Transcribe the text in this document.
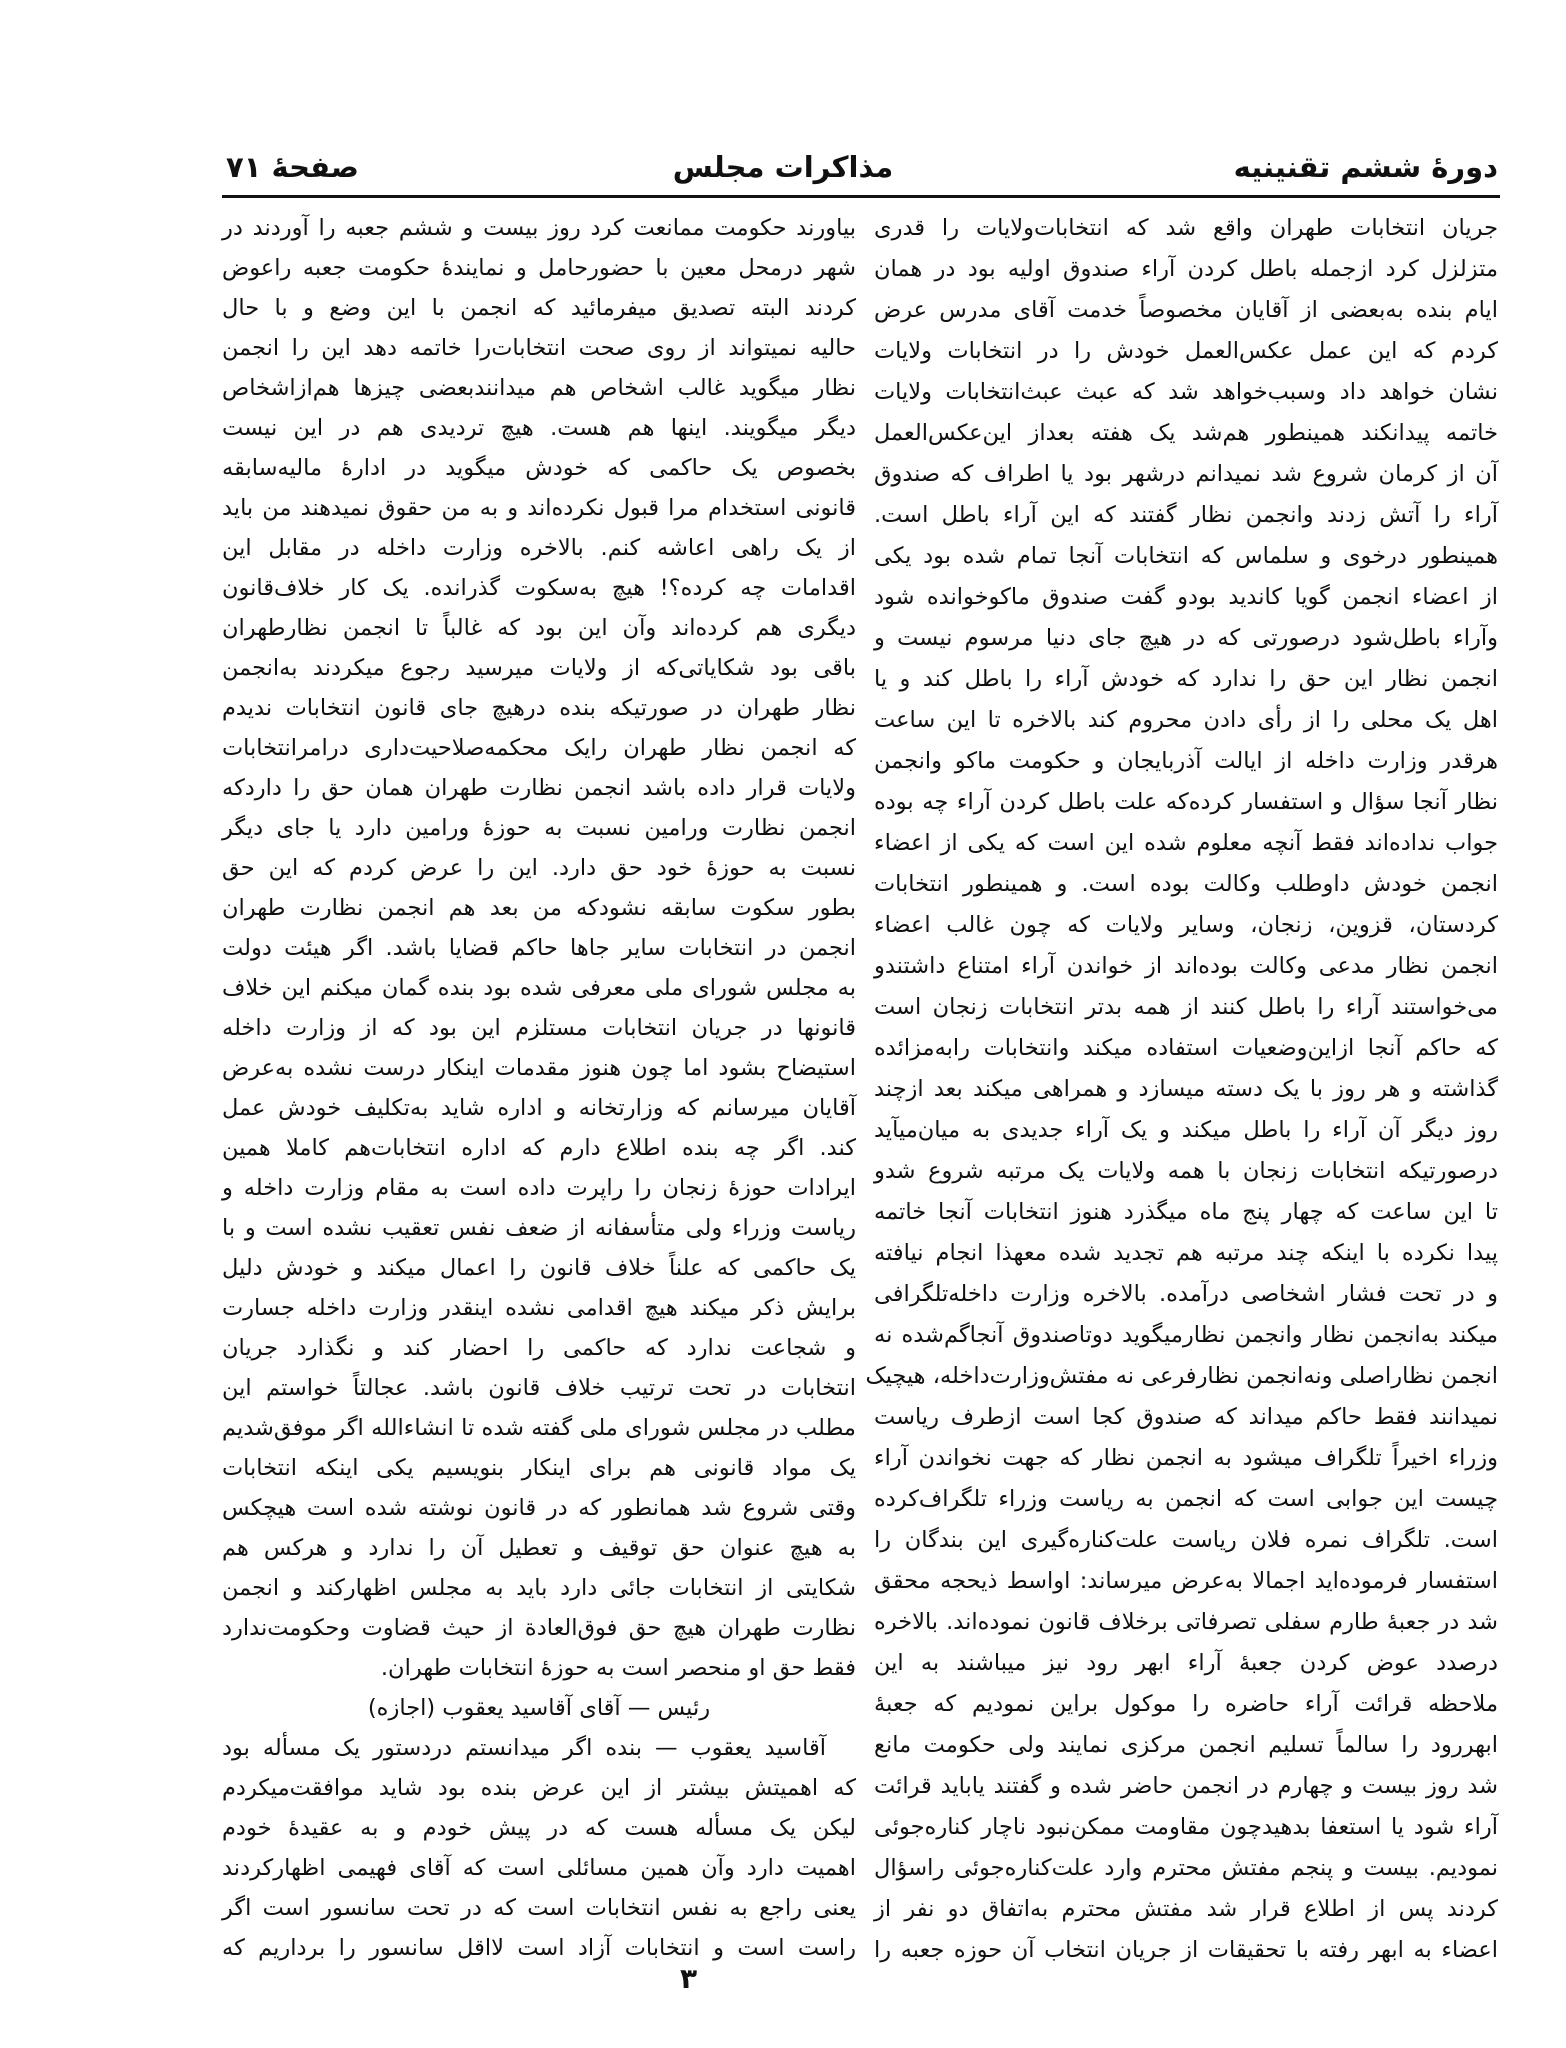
دورهٔ ششم تقنینیه
مذاکرات مجلس
صفحهٔ ۷۱
جریان انتخابات طهران واقع شد که انتخابات‌ولایات را قدری
متزلزل کرد ازجمله باطل کردن آراء صندوق اولیه بود در همان
ایام بنده به‌بعضی از آقایان مخصوصاً خدمت آقای مدرس عرض
کردم که این عمل عکس‌العمل خودش را در انتخابات ولایات
نشان خواهد داد وسبب‌خواهد شد که عبث عبث‌انتخابات ولایات
خاتمه پیدانکند همینطور هم‌شد یک هفته بعداز این‌عکس‌العمل
آن از کرمان شروع شد نمیدانم درشهر بود یا اطراف که صندوق
آراء را آتش زدند وانجمن نظار گفتند که این آراء باطل است.
همینطور درخوی و سلماس که انتخابات آنجا تمام شده بود یکی
از اعضاء انجمن گویا کاندید بودو گفت صندوق ماکوخوانده شود
وآراء باطل‌شود درصورتی که در هیچ جای دنیا مرسوم نیست و
انجمن نظار این حق را ندارد که خودش آراء را باطل کند و یا
اهل یک محلی را از رأی دادن محروم کند بالاخره تا این ساعت
هرقدر وزارت داخله از ایالت آذربایجان و حکومت ماکو وانجمن
نظار آنجا سؤال و استفسار کرده‌که علت باطل کردن آراء چه بوده
جواب نداده‌اند فقط آنچه معلوم شده این است که یکی از اعضاء
انجمن خودش داوطلب وکالت بوده است. و همینطور انتخابات
کردستان، قزوین، زنجان، وسایر ولایات که چون غالب اعضاء
انجمن نظار مدعی وکالت بوده‌اند از خواندن آراء امتناع داشتندو
می‌خواستند آراء را باطل کنند از همه بدتر انتخابات زنجان است
که حاکم آنجا ازاین‌وضعیات استفاده میکند وانتخابات رابه‌مزائده
گذاشته و هر روز با یک دسته میسازد و همراهی میکند بعد ازچند
روز دیگر آن آراء را باطل میکند و یک آراء جدیدی به میان‌میآید
درصورتیکه انتخابات زنجان با همه ولایات یک مرتبه شروع شدو
تا این ساعت که چهار پنج ماه میگذرد هنوز انتخابات آنجا خاتمه
پیدا نکرده با اینکه چند مرتبه هم تجدید شده معهذا انجام نیافته
و در تحت فشار اشخاصی درآمده. بالاخره وزارت داخله‌تلگرافی
میکند به‌انجمن نظار وانجمن نظارمیگوید دوتاصندوق آنجاگم‌شده نه
انجمن نظاراصلی ونه‌انجمن نظارفرعی نه مفتش‌وزارت‌داخله، هیچیک
نمیدانند فقط حاکم میداند که صندوق کجا است ازطرف ریاست
وزراء اخیراً تلگراف میشود به انجمن نظار که جهت نخواندن آراء
چیست این جوابی است که انجمن به ریاست وزراء تلگراف‌کرده
است. تلگراف نمره فلان ریاست علت‌کناره‌گیری این بندگان را
استفسار فرموده‌اید اجمالا به‌عرض میرساند: اواسط ذیحجه محقق
شد در جعبهٔ طارم سفلی تصرفاتی برخلاف قانون نموده‌اند. بالاخره
درصدد عوض کردن جعبهٔ آراء ابهر رود نیز میباشند به این
ملاحظه قرائت آراء حاضره را موکول براین نمودیم که جعبهٔ
ابهررود را سالماً تسلیم انجمن مرکزی نمایند ولی حکومت مانع
شد روز بیست و چهارم در انجمن حاضر شده و گفتند یاباید قرائت
آراء شود یا استعفا بدهیدچون مقاومت ممکن‌نبود ناچار کناره‌جوئی
نمودیم. بیست و پنجم مفتش محترم وارد علت‌کناره‌جوئی راسؤال
کردند پس از اطلاع قرار شد مفتش محترم به‌اتفاق دو نفر از
اعضاء به ابهر رفته با تحقیقات از جریان انتخاب آن حوزه جعبه را
بیاورند حکومت ممانعت کرد روز بیست و ششم جعبه را آوردند در
شهر درمحل معین با حضورحامل و نمایندهٔ حکومت جعبه راعوض
کردند البته تصدیق میفرمائید که انجمن با این وضع و با حال
حالیه نمیتواند از روی صحت انتخابات‌را خاتمه دهد این را انجمن
نظار میگوید غالب اشخاص هم میدانندبعضی چیزها هم‌ازاشخاص
دیگر میگویند. اینها هم هست. هیچ تردیدی هم در این نیست
بخصوص یک حاکمی که خودش میگوید در ادارهٔ مالیه‌سابقه
قانونی استخدام مرا قبول نکرده‌اند و به من حقوق نمیدهند من باید
از یک راهی اعاشه کنم. بالاخره وزارت داخله در مقابل این
اقدامات چه کرده؟! هیچ به‌سکوت گذرانده. یک کار خلاف‌قانون
دیگری هم کرده‌اند وآن این بود که غالباً تا انجمن نظارطهران
باقی بود شکایاتی‌که از ولایات میرسید رجوع میکردند به‌انجمن
نظار طهران در صورتیکه بنده درهیچ جای قانون انتخابات ندیدم
که انجمن نظار طهران رایک محکمه‌صلاحیت‌داری درامرانتخابات
ولایات قرار داده باشد انجمن نظارت طهران همان حق را داردکه
انجمن نظارت ورامین نسبت به حوزهٔ ورامین دارد یا جای دیگر
نسبت به حوزهٔ خود حق دارد. این را عرض کردم که این حق
بطور سکوت سابقه نشودکه من بعد هم انجمن نظارت طهران
انجمن در انتخابات سایر جاها حاکم قضایا باشد. اگر هیئت دولت
به مجلس شورای ملی معرفی شده بود بنده گمان میکنم این خلاف
قانونها در جریان انتخابات مستلزم این بود که از وزارت داخله
استیضاح بشود اما چون هنوز مقدمات اینکار درست نشده به‌عرض
آقایان میرسانم که وزارتخانه و اداره شاید به‌تکلیف خودش عمل
کند. اگر چه بنده اطلاع دارم که اداره انتخابات‌هم کاملا همین
ایرادات حوزهٔ زنجان را راپرت داده است به مقام وزارت داخله و
ریاست وزراء ولی متأسفانه از ضعف نفس تعقیب نشده است و با
یک حاکمی که علناً خلاف قانون را اعمال میکند و خودش دلیل
برایش ذکر میکند هیچ اقدامی نشده اینقدر وزارت داخله جسارت
و شجاعت ندارد که حاکمی را احضار کند و نگذارد جریان
انتخابات در تحت ترتیب خلاف قانون باشد. عجالتاً خواستم این
مطلب در مجلس شورای ملی گفته شده تا انشاءالله اگر موفق‌شدیم
یک مواد قانونی هم برای اینکار بنویسیم یکی اینکه انتخابات
وقتی شروع شد همانطور که در قانون نوشته شده است هیچکس
به هیچ عنوان حق توقیف و تعطیل آن را ندارد و هرکس هم
شکایتی از انتخابات جائی دارد باید به مجلس اظهارکند و انجمن
نظارت طهران هیچ حق فوق‌العادة از حیث قضاوت وحکومت‌ندارد
فقط حق او منحصر است به حوزهٔ انتخابات طهران.
رئیس — آقای آقاسید یعقوب (اجازه)
آقاسید یعقوب — بنده اگر میدانستم دردستور یک مسأله بود
که اهمیتش بیشتر از این عرض بنده بود شاید موافقت‌میکردم
لیکن یک مسأله هست که در پیش خودم و به عقیدهٔ خودم
اهمیت دارد وآن همین مسائلی است که آقای فهیمی اظهارکردند
یعنی راجع به نفس انتخابات است که در تحت سانسور است اگر
راست است و انتخابات آزاد است لااقل سانسور را برداریم که
۳
